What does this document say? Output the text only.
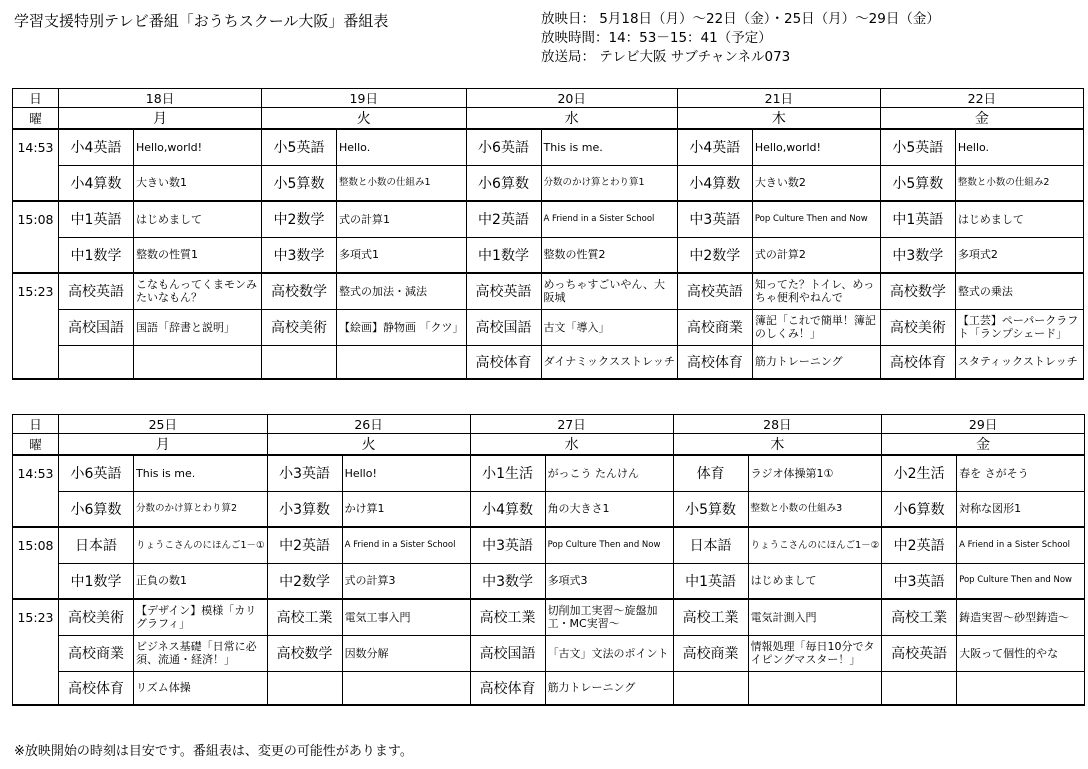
学習支援特別テレビ番組「おうちスクール大阪」番組表	放映日： 5月18日（月）～22日（金）・25日（月）～29日（金）
放映時間：14：53－15：41（予定）
放送局： テレビ大阪 サブチャンネル073
日	18日		19日		20日		21日		22日	
曜	月		火		水		木		金	
14:53	小4英語	Hello,world!	小5英語	Hello.	小6英語	This is me.	小4英語	Hello,world!	小5英語	Hello.
	小4算数	大きい数1	小5算数	整数と小数の仕組み1	小6算数	分数のかけ算とわり算1	小4算数	大きい数2	小5算数	整数と小数の仕組み2
15:08	中1英語	はじめまして	中2数学	式の計算1	中2英語	A Friend in a Sister School	中3英語	Pop Culture Then and Now	中1英語	はじめまして
	中1数学	整数の性質1	中3数学	多項式1	中1数学	整数の性質2	中2数学	式の計算2	中3数学	多項式2
15:23	高校英語	こなもんってくまモンみたいなもん？	高校数学	整式の加法・減法	高校英語	めっちゃすごいやん、大阪城	高校英語	知ってた？トイレ、めっちゃ便利やねんで	高校数学	整式の乗法
	高校国語	国語「辞書と説明」	高校美術	【絵画】静物画 「クツ」	高校国語	古文「導入」	高校商業	簿記「これで簡単！簿記のしくみ！」	高校美術	【工芸】ペーパークラフト「ランプシェード」
					高校体育	ダイナミックスストレッチ	高校体育	筋力トレーニング	高校体育	スタティックストレッチ
日	25日		26日		27日		28日		29日	
曜	月		火		水		木		金	
14:53	小6英語	This is me.	小3英語	Hello!	小1生活	がっこう たんけん	体育	ラジオ体操第1①	小2生活	春を さがそう
	小6算数	分数のかけ算とわり算2	小3算数	かけ算1	小4算数	角の大きさ1	小5算数	整数と小数の仕組み3	小6算数	対称な図形1
15:08	日本語	りょうこさんのにほんご1－①	中2英語	A Friend in a Sister School	中3英語	Pop Culture Then and Now	日本語	りょうこさんのにほんご1－②	中2英語	A Friend in a Sister School
	中1数学	正負の数1	中2数学	式の計算3	中3数学	多項式3	中1英語	はじめまして	中3英語	Pop Culture Then and Now
15:23	高校美術	【デザイン】模様「カリグラフィ」	高校工業	電気工事入門	高校工業	切削加工実習～旋盤加工・MC実習～	高校工業	電気計測入門	高校工業	鋳造実習～砂型鋳造～
	高校商業	ビジネス基礎「日常に必須、流通・経済！」	高校数学	因数分解	高校国語	「古文」文法のポイント	高校商業	情報処理「毎日10分でタイピングマスター！」	高校英語	大阪って個性的やな
	高校体育	リズム体操			高校体育	筋力トレーニング				
※放映開始の時刻は目安です。番組表は、変更の可能性があります。
